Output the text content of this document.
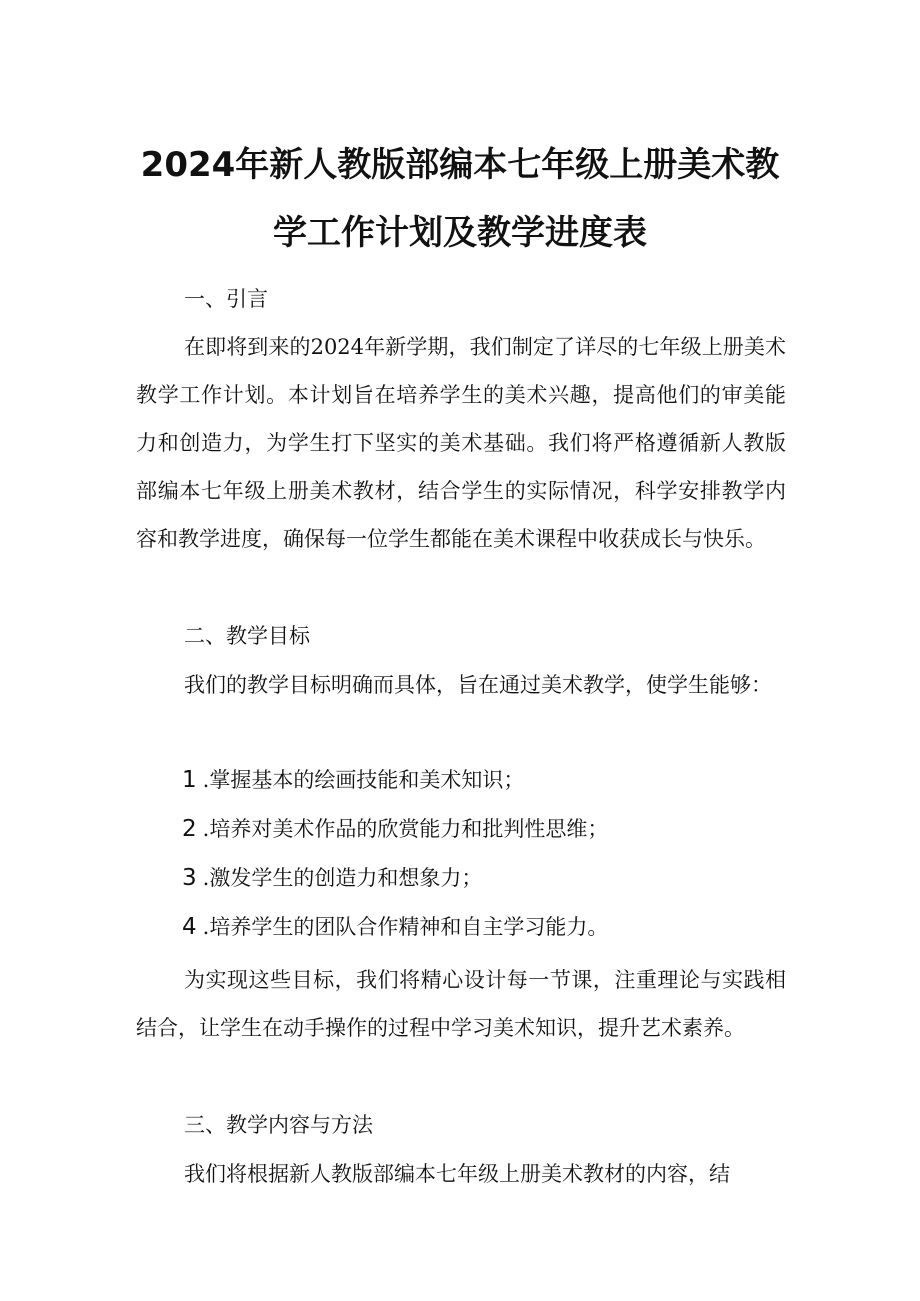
2024年新人教版部编本七年级上册美术教
学工作计划及教学进度表
一、引言

在即将到来的2024年新学期，我们制定了详尽的七年级上册美术教学工作计划。本计划旨在培养学生的美术兴趣，提高他们的审美能力和创造力，为学生打下坚实的美术基础。我们将严格遵循新人教版部编本七年级上册美术教材，结合学生的实际情况，科学安排教学内容和教学进度，确保每一位学生都能在美术课程中收获成长与快乐。

二、教学目标

我们的教学目标明确而具体，旨在通过美术教学，使学生能够：

1 .掌握基本的绘画技能和美术知识；
2 .培养对美术作品的欣赏能力和批判性思维；
3 .激发学生的创造力和想象力；
4 .培养学生的团队合作精神和自主学习能力。

为实现这些目标，我们将精心设计每一节课，注重理论与实践相结合，让学生在动手操作的过程中学习美术知识，提升艺术素养。

三、教学内容与方法

我们将根据新人教版部编本七年级上册美术教材的内容，结
